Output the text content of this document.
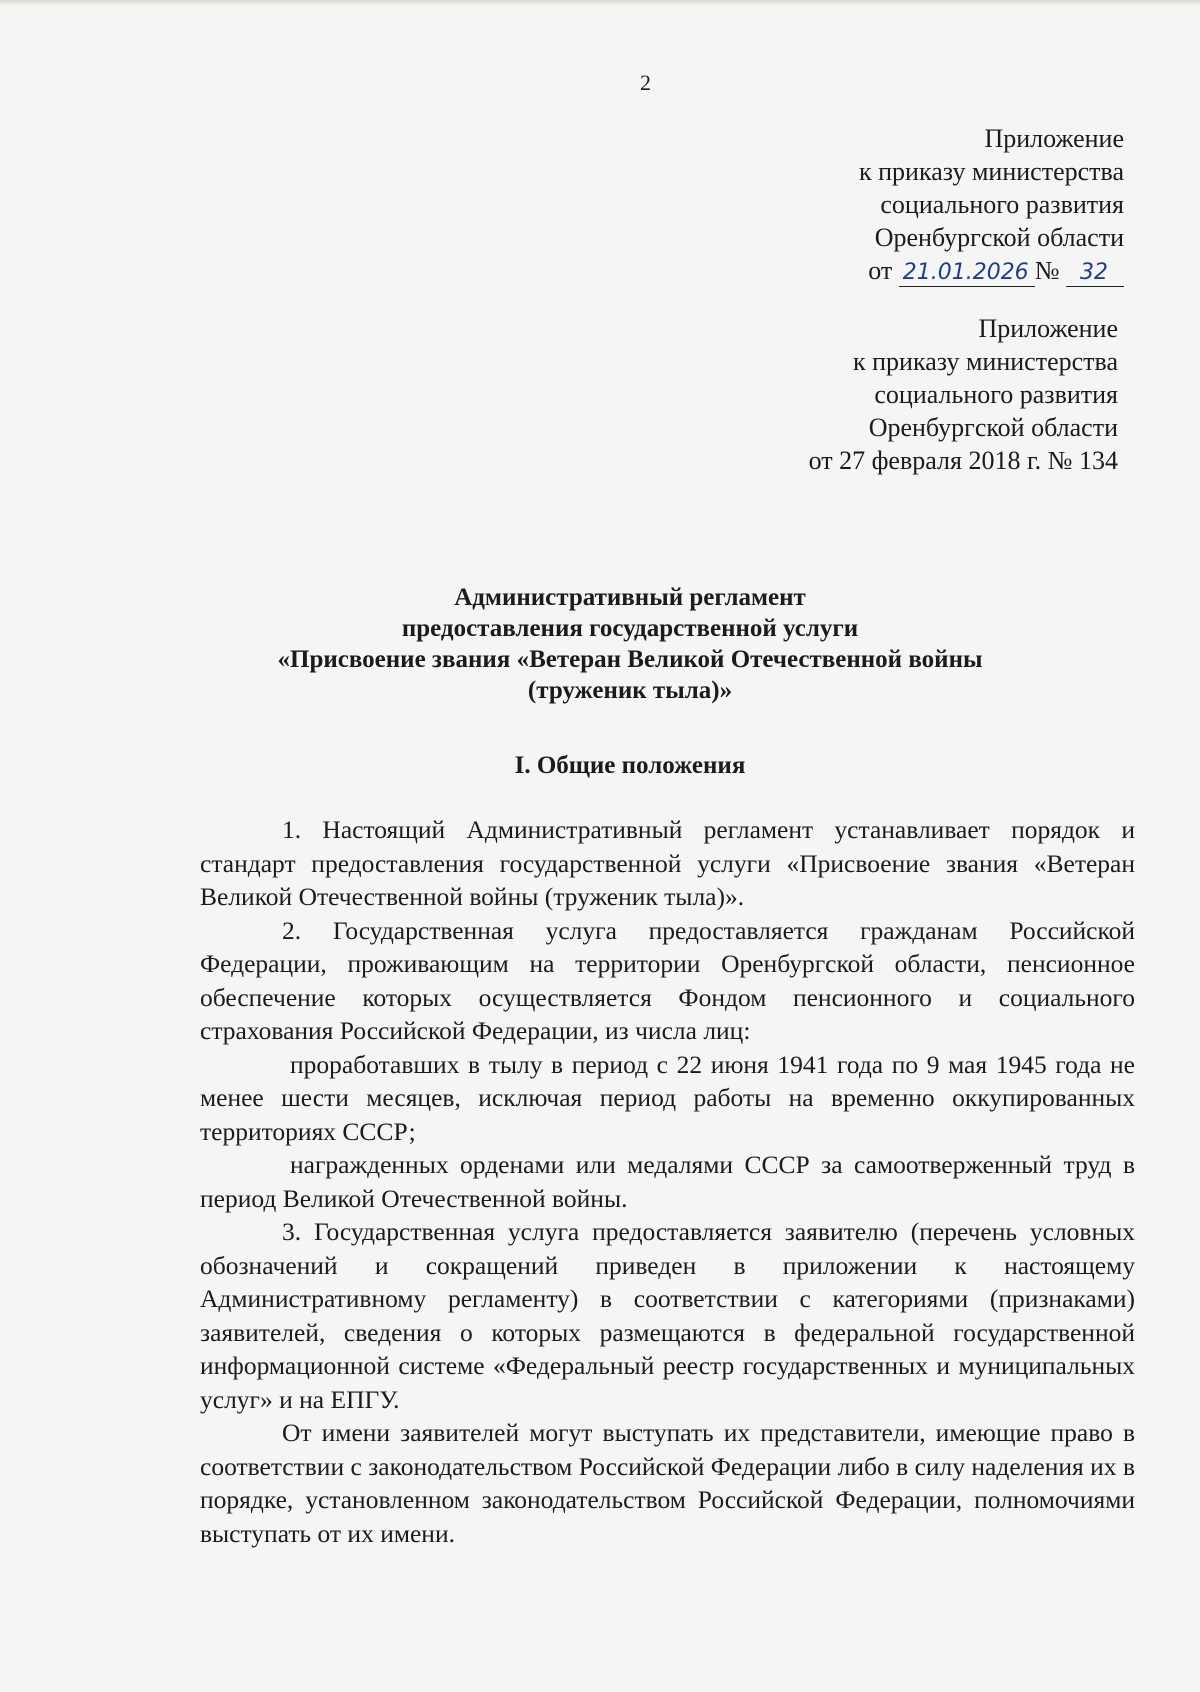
2
Приложение
к приказу министерства
социального развития
Оренбургской области
от 21.01.2026 № 32
Приложение
к приказу министерства
социального развития
Оренбургской области
от 27 февраля 2018 г. № 134
Административный регламент
предоставления государственной услуги
«Присвоение звания «Ветеран Великой Отечественной войны
(труженик тыла)»
I. Общие положения

1. Настоящий Административный регламент устанавливает порядок и стандарт предоставления государственной услуги «Присвоение звания «Ветеран Великой Отечественной войны (труженик тыла)».

2. Государственная услуга предоставляется гражданам Российской Федерации, проживающим на территории Оренбургской области, пенсионное обеспечение которых осуществляется Фондом пенсионного и социального страхования Российской Федерации, из числа лиц:

проработавших в тылу в период с 22 июня 1941 года по 9 мая 1945 года не менее шести месяцев, исключая период работы на временно оккупированных территориях СССР;

награжденных орденами или медалями СССР за самоотверженный труд в период Великой Отечественной войны.

3. Государственная услуга предоставляется заявителю (перечень условных обозначений и сокращений приведен в приложении к настоящему Административному регламенту) в соответствии с категориями (признаками) заявителей, сведения о которых размещаются в федеральной государственной информационной системе «Федеральный реестр государственных и муниципальных услуг» и на ЕПГУ.

От имени заявителей могут выступать их представители, имеющие право в соответствии с законодательством Российской Федерации либо в силу наделения их в порядке, установленном законодательством Российской Федерации, полномочиями выступать от их имени.
